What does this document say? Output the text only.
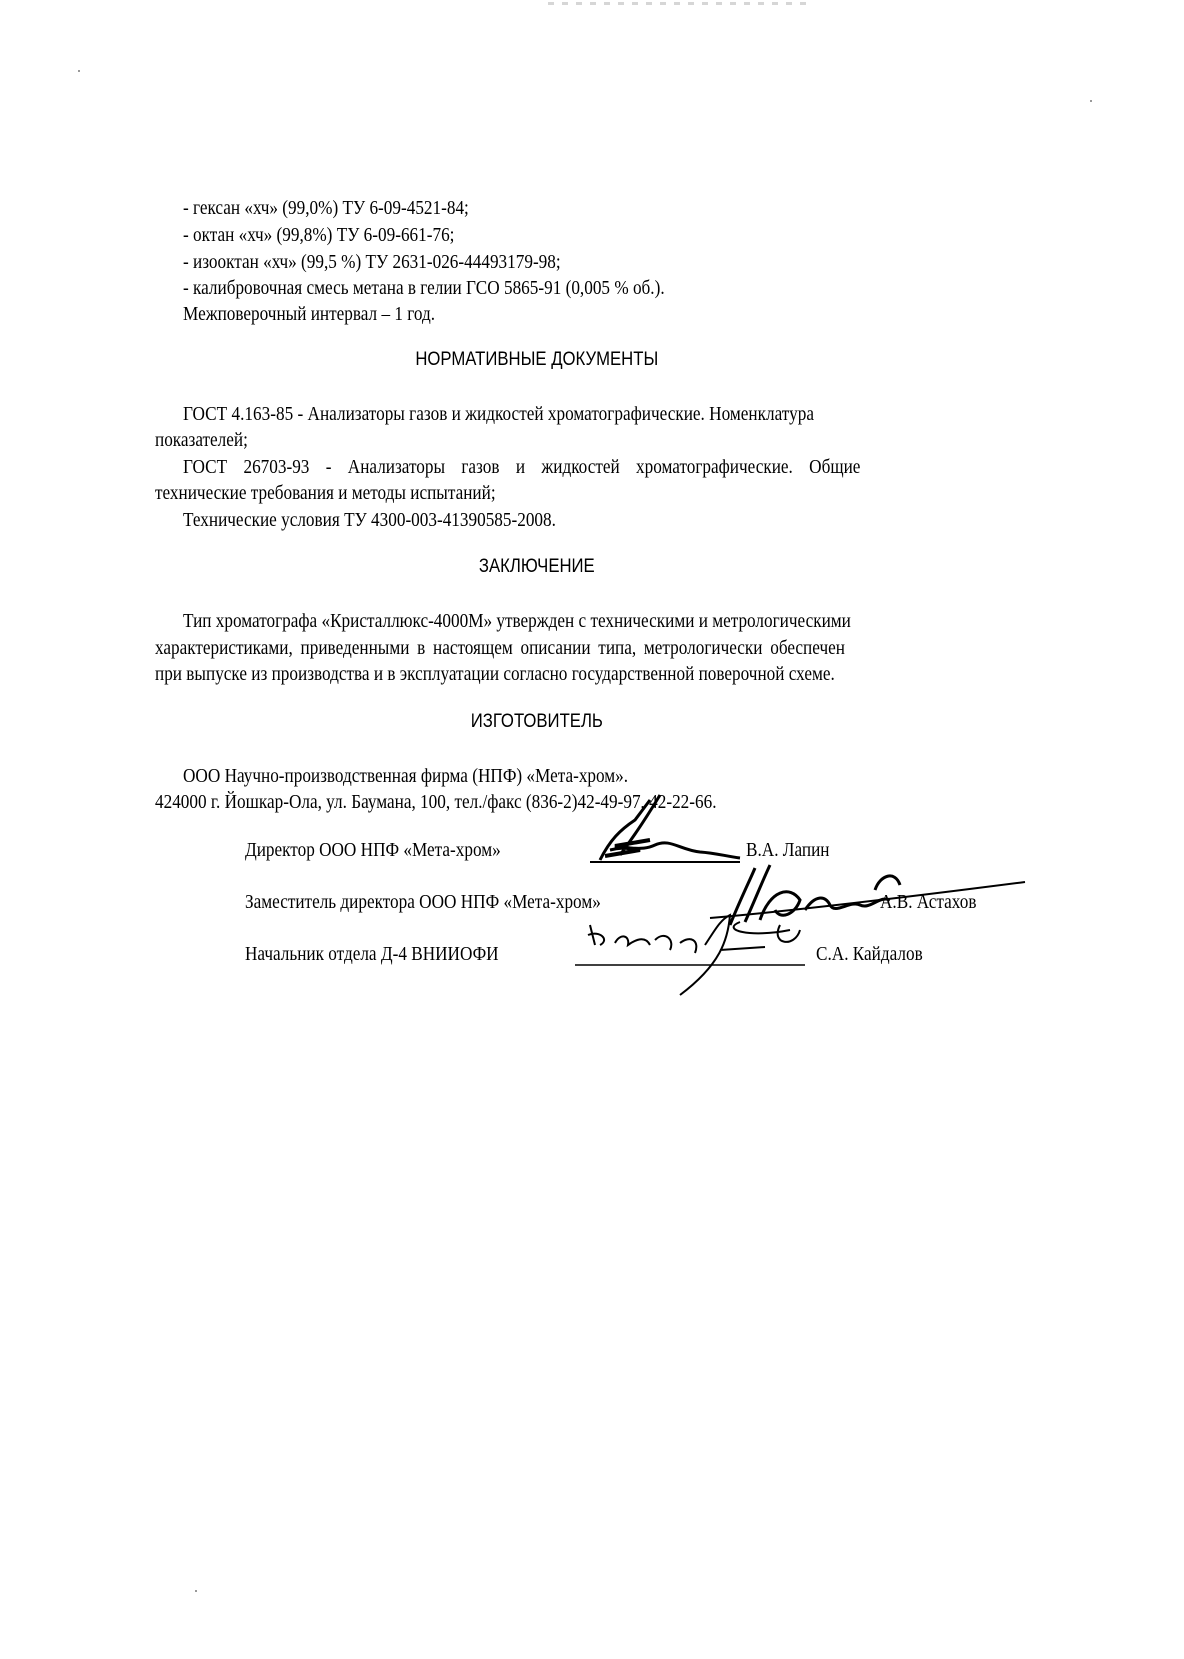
- гексан «хч» (99,0%) ТУ 6-09-4521-84;
- октан «хч» (99,8%) ТУ 6-09-661-76;
- изооктан «хч» (99,5 %) ТУ 2631-026-44493179-98;
- калибровочная смесь метана в гелии ГСО 5865-91 (0,005 % об.).
Межповерочный интервал – 1 год.
НОРМАТИВНЫЕ ДОКУМЕНТЫ
ГОСТ 4.163-85 - Анализаторы газов и жидкостей хроматографические. Номенклатура
показателей;
ГОСТ 26703-93 - Анализаторы газов и жидкостей хроматографические. Общие
технические требования и методы испытаний;
Технические условия ТУ 4300-003-41390585-2008.
ЗАКЛЮЧЕНИЕ
Тип хроматографа «Кристаллюкс-4000М» утвержден с техническими и метрологическими
характеристиками, приведенными в настоящем описании типа, метрологически обеспечен
при выпуске из производства и в эксплуатации согласно государственной поверочной схеме.
ИЗГОТОВИТЕЛЬ
ООО Научно-производственная фирма (НПФ) «Мета-хром».
424000 г. Йошкар-Ола, ул. Баумана, 100, тел./факс (836-2)42-49-97, 42-22-66.
Директор ООО НПФ «Мета-хром»	В.А. Лапин
Заместитель директора ООО НПФ «Мета-хром»	А.В. Астахов
Начальник отдела Д-4 ВНИИОФИ	С.А. Кайдалов
